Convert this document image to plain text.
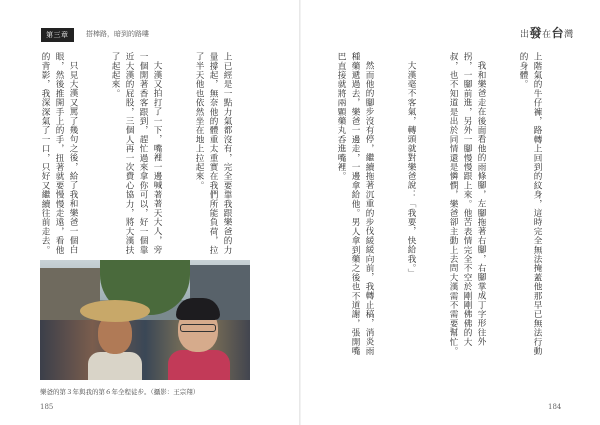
第三章	搭棒路，暗到的路嘍	出發在台灣

上階氣的牛仔褲，路轉上回到的紋身，這時完全無法掩蓋他那早已無法行動的身體。

我和樂爸走在後面看他的雨條腳，左腳拖著右腳，右腳掌成丁字形往外拐，一腳前進，另外一腳慢慢跟上來。他苦表情完全不空於剛剛佛佛的大叔，也不知道是出於同情還是憐憫，樂爸卻主動上去問大漢需不需要幫忙。

大漢毫不客氣，轉頭就對樂爸說：「我要，快給我。」

然而他的腳步沒有停，繼續拖著沉重的步伐緩緩向前，我轉止稿，消炎雨種藥遞過去，樂爸一邊走，一邊拿給他。男人拿到藥之後也不道謝，張開嘴巴直接就將兩顆藥丸呑進嘴裡。

上已經是一點力氣都沒有，完全要靠我跟樂爸的力量撐起，無奈他的體重太重實在我們所能負荷，拉了半天他也依然坐在地上拉起來。

大漢又拍打了一下，嘴裡一邊喊著著天大人，旁一個開著香客跟到，趕忙過來拿你可以，好一個靠近大漢的屁股，三個人再一次費心協力，將大漢扶了起起來。

只見大漢又罵了幾句之後，給了我和樂爸一個白眼，然後推開手上的手，扭著就要慢慢走遠，看他的背影，我深深氣了一口，只好又繼續往前走去。

樂爸的第３年與我的第６年全程徒步。（攝影：王宗翔）
185	184
